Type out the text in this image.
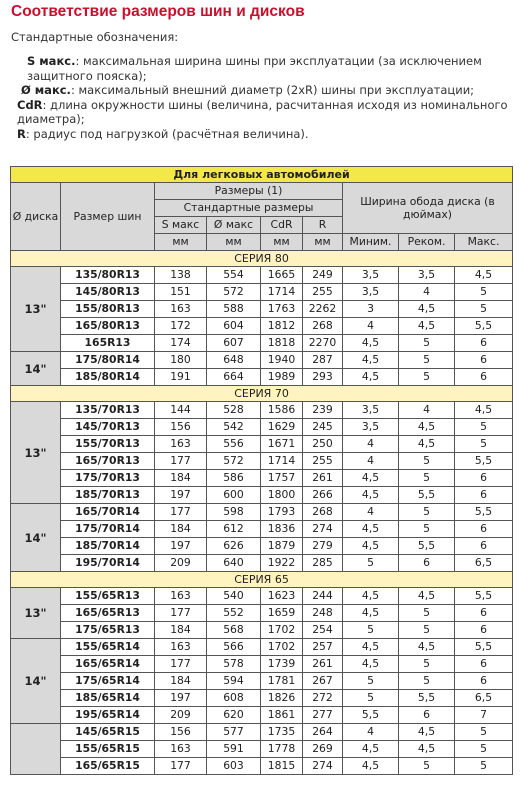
Соответствие размеров шин и дисков
Стандартные обозначения:

S макс.: максимальная ширина шины при эксплуатации (за исключением защитного пояска);

Ø макс.: максимальный внешний диаметр (2xR) шины при эксплуатации;

CdR: длина окружности шины (величина, расчитанная исходя из номинального диаметра);

R: радиус под нагрузкой (расчётная величина).

Для легковых автомобилей								
Ø диска	Размер шин	Размеры (1)				Ширина обода диска (в дюймах)		
		Стандартные размеры						
		S макс	Ø макс	CdR	R			
		мм	мм	мм	мм	Миним.	Реком.	Макс.
СЕРИЯ 80								
13"	135/80R13	138	554	1665	249	3,5	3,5	4,5
	145/80R13	151	572	1714	255	3,5	4	5
	155/80R13	163	588	1763	2262	3	4,5	5
	165/80R13	172	604	1812	268	4	4,5	5,5
	165R13	174	607	1818	2270	4,5	5	6
14"	175/80R14	180	648	1940	287	4,5	5	6
	185/80R14	191	664	1989	293	4,5	5	6
СЕРИЯ 70								
13"	135/70R13	144	528	1586	239	3,5	4	4,5
	145/70R13	156	542	1629	245	3,5	4,5	5
	155/70R13	163	556	1671	250	4	4,5	5
	165/70R13	177	572	1714	255	4	5	5,5
	175/70R13	184	586	1757	261	4,5	5	6
	185/70R13	197	600	1800	266	4,5	5,5	6
14"	165/70R14	177	598	1793	268	4	5	5,5
	175/70R14	184	612	1836	274	4,5	5	6
	185/70R14	197	626	1879	279	4,5	5,5	6
	195/70R14	209	640	1922	285	5	6	6,5
СЕРИЯ 65								
13"	155/65R13	163	540	1623	244	4,5	4,5	5,5
	165/65R13	177	552	1659	248	4,5	5	6
	175/65R13	184	568	1702	254	5	5	6
14"	155/65R14	163	566	1702	257	4,5	4,5	5,5
	165/65R14	177	578	1739	261	4,5	5	6
	175/65R14	184	594	1781	267	5	5	6
	185/65R14	197	608	1826	272	5	5,5	6,5
	195/65R14	209	620	1861	277	5,5	6	7
	145/65R15	156	577	1735	264	4	4,5	5
	155/65R15	163	591	1778	269	4,5	4,5	5
	165/65R15	177	603	1815	274	4,5	5	5
